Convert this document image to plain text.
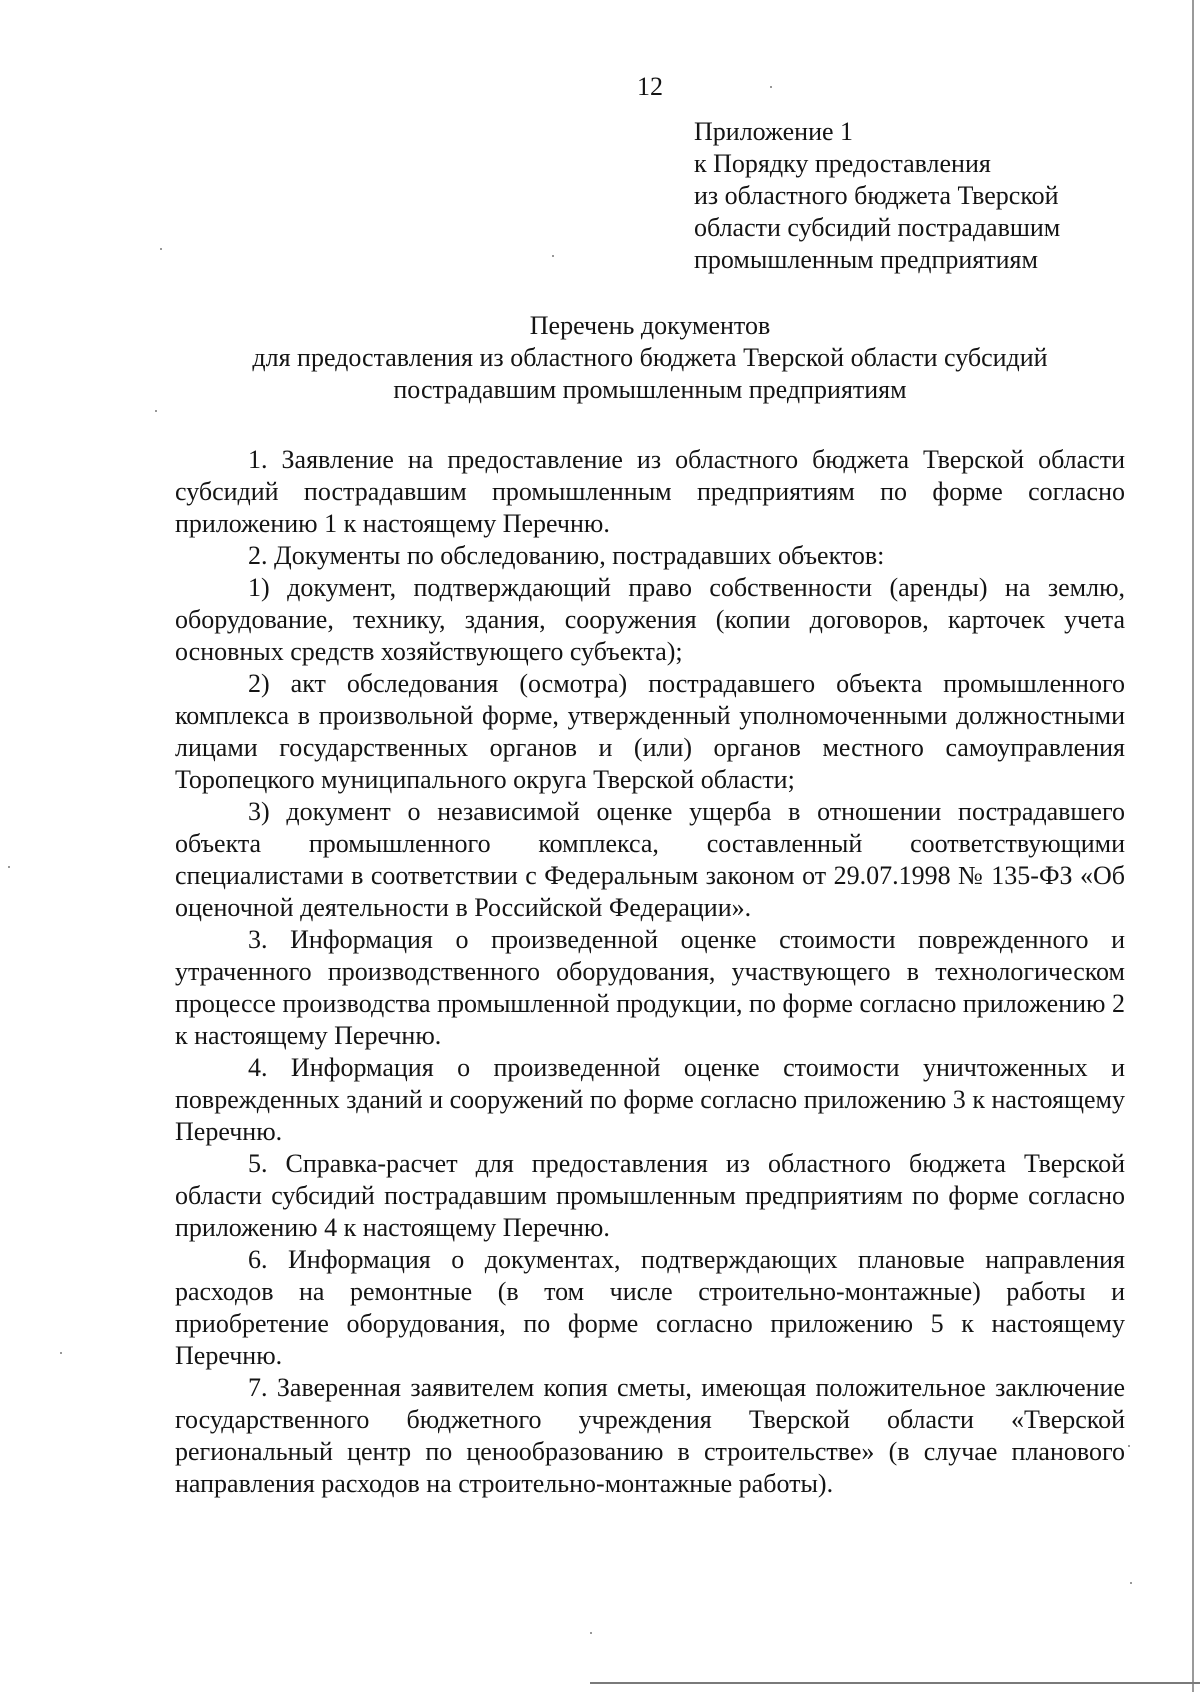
12
Приложение 1
к Порядку предоставления
из областного бюджета Тверской
области субсидий пострадавшим
промышленным предприятиям
Перечень документов
для предоставления из областного бюджета Тверской области субсидий
пострадавшим промышленным предприятиям

1. Заявление на предоставление из областного бюджета Тверской области субсидий пострадавшим промышленным предприятиям по форме согласно приложению 1 к настоящему Перечню.

2. Документы по обследованию, пострадавших объектов:

1) документ, подтверждающий право собственности (аренды) на землю, оборудование, технику, здания, сооружения (копии договоров, карточек учета основных средств хозяйствующего субъекта);

2) акт обследования (осмотра) пострадавшего объекта промышленного комплекса в произвольной форме, утвержденный уполномоченными должностными лицами государственных органов и (или) органов местного самоуправления Торопецкого муниципального округа Тверской области;

3) документ о независимой оценке ущерба в отношении пострадавшего объекта промышленного комплекса, составленный соответствующими специалистами в соответствии с Федеральным законом от 29.07.1998 № 135-ФЗ «Об оценочной деятельности в Российской Федерации».

3. Информация о произведенной оценке стоимости поврежденного и утраченного производственного оборудования, участвующего в технологическом процессе производства промышленной продукции, по форме согласно приложению 2 к настоящему Перечню.

4. Информация о произведенной оценке стоимости уничтоженных и поврежденных зданий и сооружений по форме согласно приложению 3 к настоящему Перечню.

5. Справка-расчет для предоставления из областного бюджета Тверской области субсидий пострадавшим промышленным предприятиям по форме согласно приложению 4 к настоящему Перечню.

6. Информация о документах, подтверждающих плановые направления расходов на ремонтные (в том числе строительно-монтажные) работы и приобретение оборудования, по форме согласно приложению 5 к настоящему Перечню.

7. Заверенная заявителем копия сметы, имеющая положительное заключение государственного бюджетного учреждения Тверской области «Тверской региональный центр по ценообразованию в строительстве» (в случае планового направления расходов на строительно-монтажные работы).
